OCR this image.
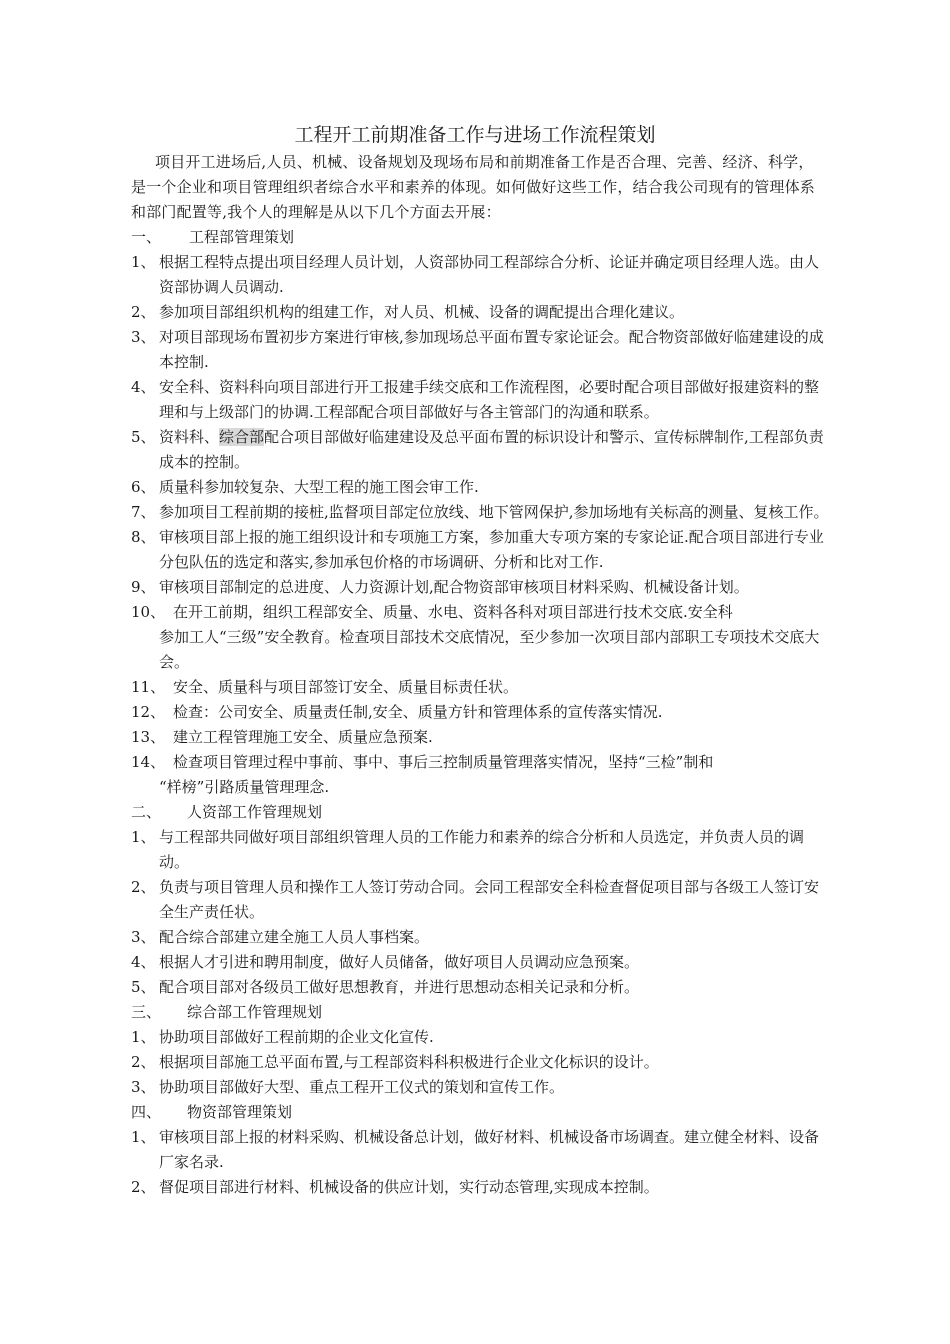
工程开工前期准备工作与进场工作流程策划
项目开工进场后,人员、机械、设备规划及现场布局和前期准备工作是否合理、完善、经济、科学，是一个企业和项目管理组织者综合水平和素养的体现。如何做好这些工作，结合我公司现有的管理体系和部门配置等,我个人的理解是从以下几个方面去开展：
一、	工程部管理策划
1、 根据工程特点提出项目经理人员计划，人资部协同工程部综合分析、论证并确定项目经理人选。由人资部协调人员调动.
2、 参加项目部组织机构的组建工作，对人员、机械、设备的调配提出合理化建议。
3、 对项目部现场布置初步方案进行审核,参加现场总平面布置专家论证会。配合物资部做好临建建设的成本控制.
4、 安全科、资料科向项目部进行开工报建手续交底和工作流程图，必要时配合项目部做好报建资料的整理和与上级部门的协调.工程部配合项目部做好与各主管部门的沟通和联系。
5、 资料科、综合部配合项目部做好临建建设及总平面布置的标识设计和警示、宣传标牌制作,工程部负责成本的控制。
6、 质量科参加较复杂、大型工程的施工图会审工作.
7、 参加项目工程前期的接桩,监督项目部定位放线、地下管网保护,参加场地有关标高的测量、复核工作。
8、 审核项目部上报的施工组织设计和专项施工方案，参加重大专项方案的专家论证.配合项目部进行专业分包队伍的选定和落实,参加承包价格的市场调研、分析和比对工作.
9、 审核项目部制定的总进度、人力资源计划,配合物资部审核项目材料采购、机械设备计划。
10、 在开工前期，组织工程部安全、质量、水电、资料各科对项目部进行技术交底.安全科
参加工人“三级”安全教育。检查项目部技术交底情况，至少参加一次项目部内部职工专项技术交底大会。
11、 安全、质量科与项目部签订安全、质量目标责任状。
12、 检查：公司安全、质量责任制,安全、质量方针和管理体系的宣传落实情况.
13、 建立工程管理施工安全、质量应急预案.
14、 检查项目管理过程中事前、事中、事后三控制质量管理落实情况，坚持“三检”制和
“样榜”引路质量管理理念.
二、	人资部工作管理规划
1、 与工程部共同做好项目部组织管理人员的工作能力和素养的综合分析和人员选定，并负责人员的调动。
2、 负责与项目管理人员和操作工人签订劳动合同。会同工程部安全科检查督促项目部与各级工人签订安全生产责任状。
3、 配合综合部建立建全施工人员人事档案。
4、 根据人才引进和聘用制度，做好人员储备，做好项目人员调动应急预案。
5、 配合项目部对各级员工做好思想教育，并进行思想动态相关记录和分析。
三、	综合部工作管理规划
1、 协助项目部做好工程前期的企业文化宣传.
2、 根据项目部施工总平面布置,与工程部资料科积极进行企业文化标识的设计。
3、 协助项目部做好大型、重点工程开工仪式的策划和宣传工作。
四、	物资部管理策划
1、 审核项目部上报的材料采购、机械设备总计划，做好材料、机械设备市场调查。建立健全材料、设备厂家名录.
2、 督促项目部进行材料、机械设备的供应计划，实行动态管理,实现成本控制。
